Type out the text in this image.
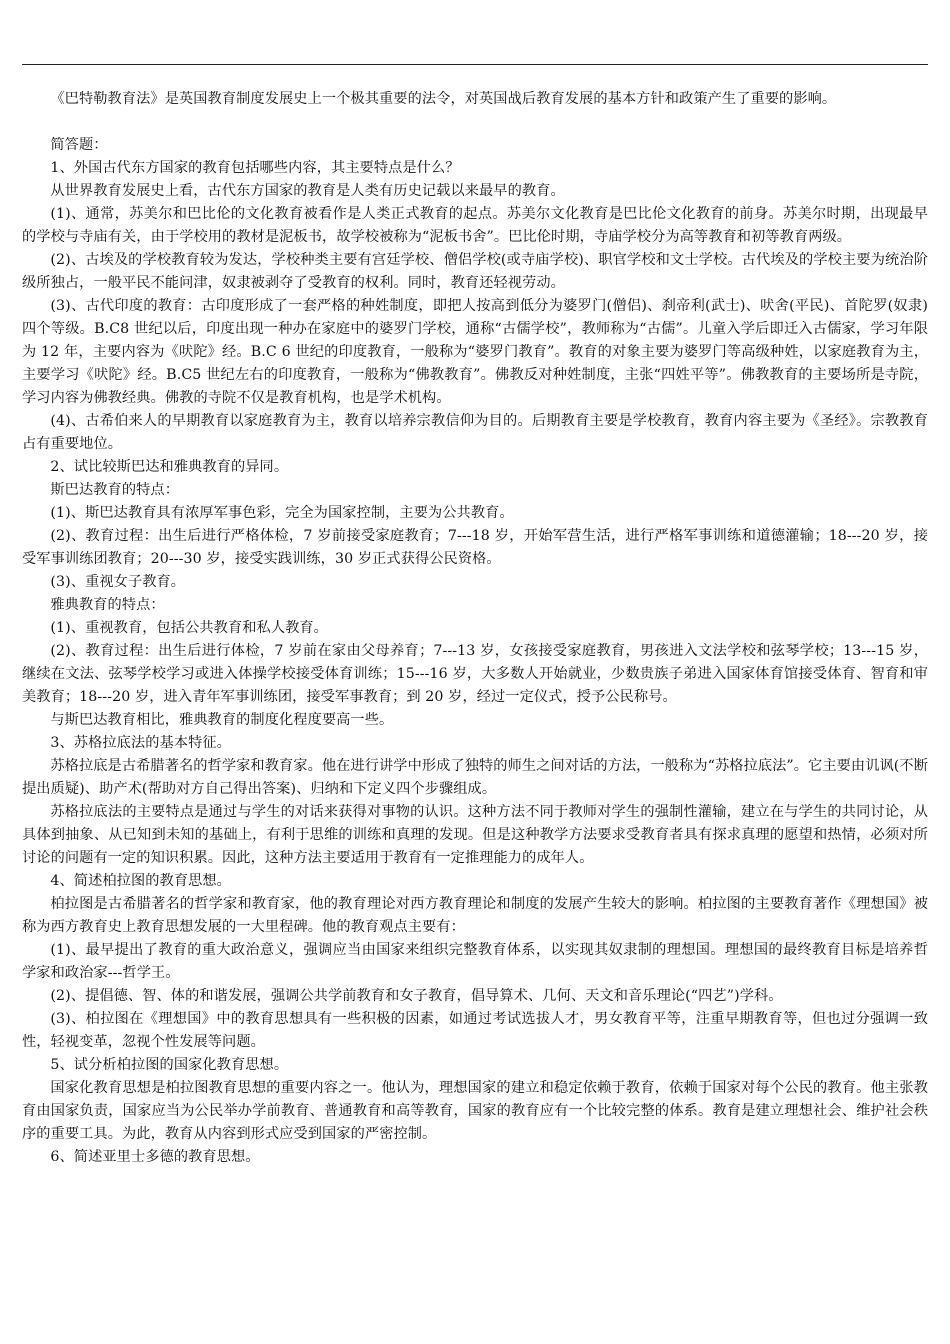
《巴特勒教育法》是英国教育制度发展史上一个极其重要的法令，对英国战后教育发展的基本方针和政策产生了重要的影响。

简答题：

1、外国古代东方国家的教育包括哪些内容，其主要特点是什么？

从世界教育发展史上看，古代东方国家的教育是人类有历史记载以来最早的教育。

(1)、通常，苏美尔和巴比伦的文化教育被看作是人类正式教育的起点。苏美尔文化教育是巴比伦文化教育的前身。苏美尔时期，出现最早的学校与寺庙有关，由于学校用的教材是泥板书，故学校被称为“泥板书舍”。巴比伦时期，寺庙学校分为高等教育和初等教育两级。

(2)、古埃及的学校教育较为发达，学校种类主要有宫廷学校、僧侣学校(或寺庙学校)、职官学校和文士学校。古代埃及的学校主要为统治阶级所独占，一般平民不能问津，奴隶被剥夺了受教育的权利。同时，教育还轻视劳动。

(3)、古代印度的教育：古印度形成了一套严格的种姓制度，即把人按高到低分为婆罗门(僧侣)、刹帝利(武士)、吠舍(平民)、首陀罗(奴隶)四个等级。B.C8 世纪以后，印度出现一种办在家庭中的婆罗门学校，通称“古儒学校”，教师称为“古儒”。儿童入学后即迁入古儒家，学习年限为 12 年，主要内容为《吠陀》经。B.C 6 世纪的印度教育，一般称为“婆罗门教育”。教育的对象主要为婆罗门等高级种姓，以家庭教育为主，主要学习《吠陀》经。B.C5 世纪左右的印度教育，一般称为“佛教教育”。佛教反对种姓制度，主张“四姓平等”。佛教教育的主要场所是寺院，学习内容为佛教经典。佛教的寺院不仅是教育机构，也是学术机构。

(4)、古希伯来人的早期教育以家庭教育为主，教育以培养宗教信仰为目的。后期教育主要是学校教育，教育内容主要为《圣经》。宗教教育占有重要地位。

2、试比较斯巴达和雅典教育的异同。

斯巴达教育的特点：

(1)、斯巴达教育具有浓厚军事色彩，完全为国家控制，主要为公共教育。

(2)、教育过程：出生后进行严格体检，7 岁前接受家庭教育；7---18 岁，开始军营生活，进行严格军事训练和道德灌输；18---20 岁，接受军事训练团教育；20---30 岁，接受实践训练，30 岁正式获得公民资格。

(3)、重视女子教育。

雅典教育的特点：

(1)、重视教育，包括公共教育和私人教育。

(2)、教育过程：出生后进行体检，7 岁前在家由父母养育；7---13 岁，女孩接受家庭教育，男孩进入文法学校和弦琴学校；13---15 岁，继续在文法、弦琴学校学习或进入体操学校接受体育训练；15---16 岁，大多数人开始就业，少数贵族子弟进入国家体育馆接受体育、智育和审美教育；18---20 岁，进入青年军事训练团，接受军事教育；到 20 岁，经过一定仪式，授予公民称号。

与斯巴达教育相比，雅典教育的制度化程度要高一些。

3、苏格拉底法的基本特征。

苏格拉底是古希腊著名的哲学家和教育家。他在进行讲学中形成了独特的师生之间对话的方法，一般称为“苏格拉底法”。它主要由讥讽(不断提出质疑)、助产术(帮助对方自己得出答案)、归纳和下定义四个步骤组成。

苏格拉底法的主要特点是通过与学生的对话来获得对事物的认识。这种方法不同于教师对学生的强制性灌输，建立在与学生的共同讨论，从具体到抽象、从已知到未知的基础上，有利于思维的训练和真理的发现。但是这种教学方法要求受教育者具有探求真理的愿望和热情，必须对所讨论的问题有一定的知识积累。因此，这种方法主要适用于教育有一定推理能力的成年人。

4、简述柏拉图的教育思想。

柏拉图是古希腊著名的哲学家和教育家，他的教育理论对西方教育理论和制度的发展产生较大的影响。柏拉图的主要教育著作《理想国》被称为西方教育史上教育思想发展的一大里程碑。他的教育观点主要有：

(1)、最早提出了教育的重大政治意义，强调应当由国家来组织完整教育体系，以实现其奴隶制的理想国。理想国的最终教育目标是培养哲学家和政治家---哲学王。

(2)、提倡德、智、体的和谐发展，强调公共学前教育和女子教育，倡导算术、几何、天文和音乐理论(“四艺”)学科。

(3)、柏拉图在《理想国》中的教育思想具有一些积极的因素，如通过考试选拔人才，男女教育平等，注重早期教育等，但也过分强调一致性，轻视变革，忽视个性发展等问题。

5、试分析柏拉图的国家化教育思想。

国家化教育思想是柏拉图教育思想的重要内容之一。他认为，理想国家的建立和稳定依赖于教育，依赖于国家对每个公民的教育。他主张教育由国家负责，国家应当为公民举办学前教育、普通教育和高等教育，国家的教育应有一个比较完整的体系。教育是建立理想社会、维护社会秩序的重要工具。为此，教育从内容到形式应受到国家的严密控制。

6、简述亚里士多德的教育思想。
